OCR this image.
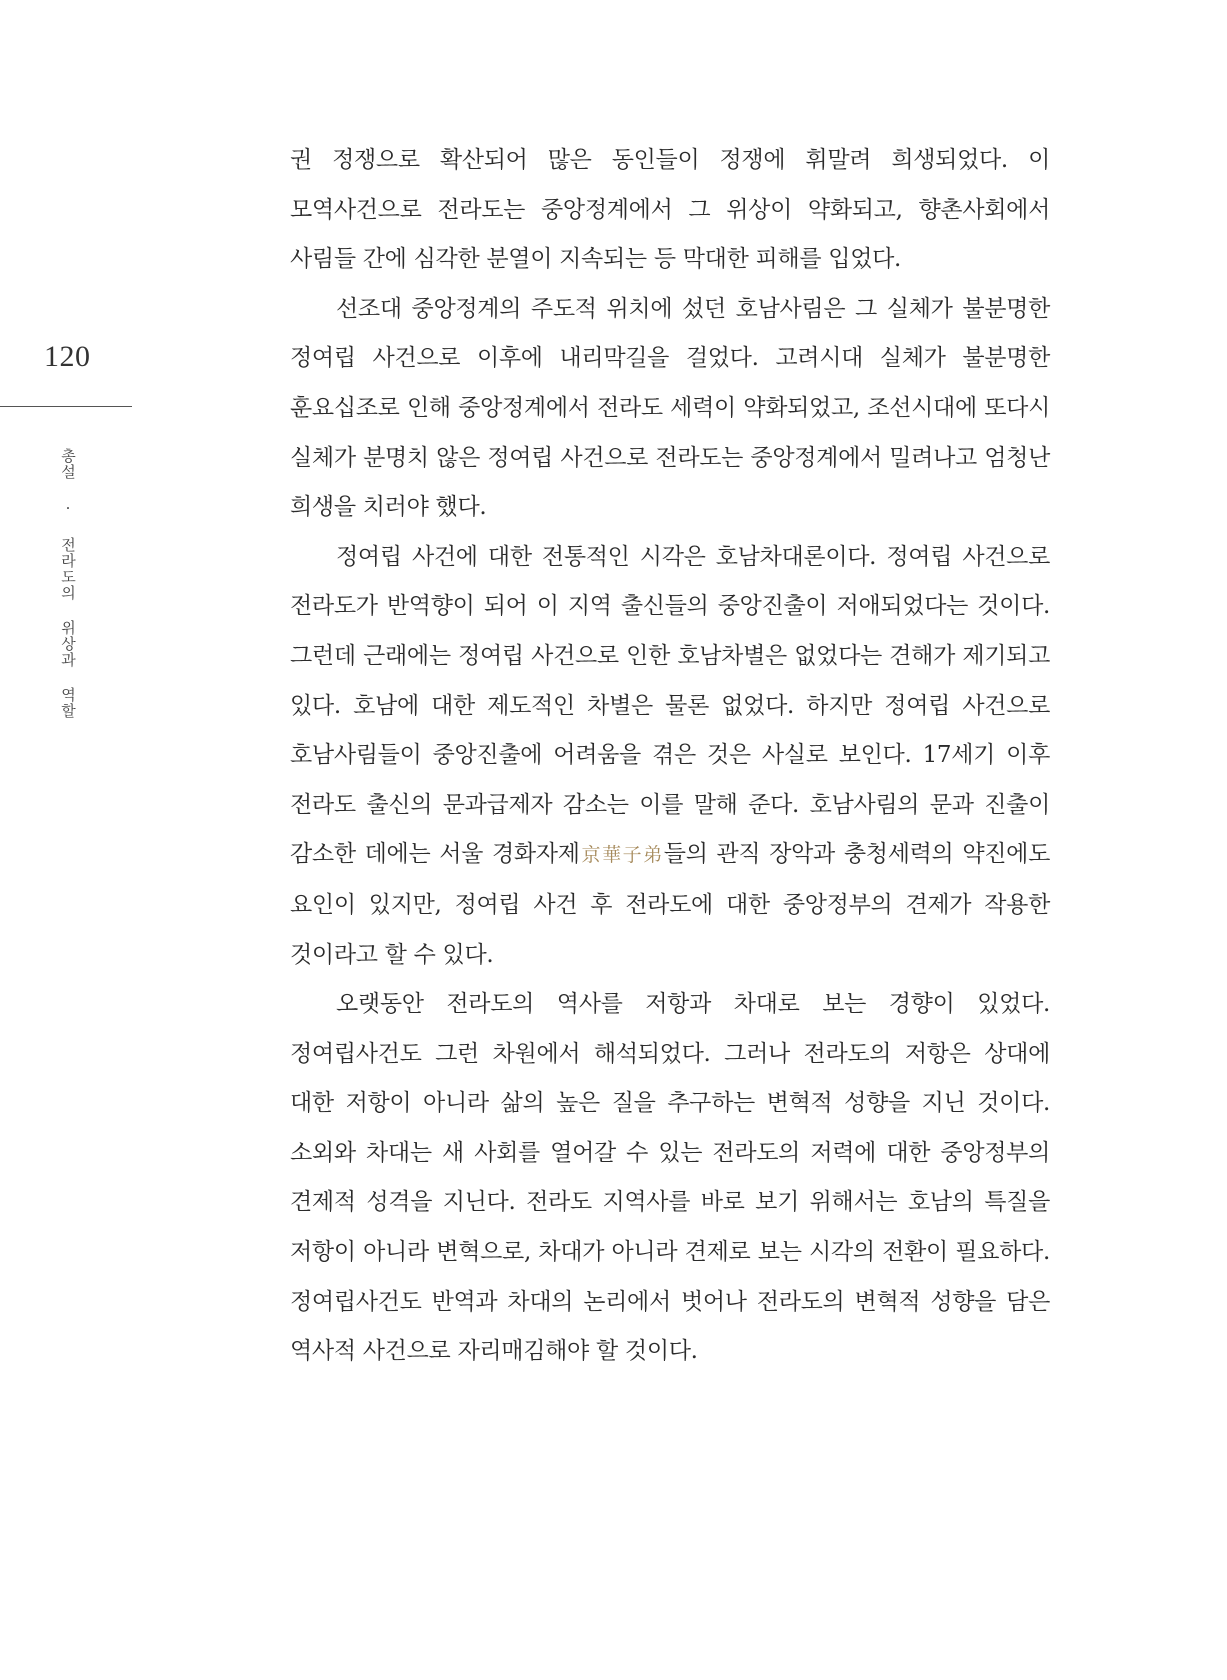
120
총설 · 전라도의 위상과 역할

권 정쟁으로 확산되어 많은 동인들이 정쟁에 휘말려 희생되었다. 이 모역사건으로 전라도는 중앙정계에서 그 위상이 약화되고, 향촌사회에서 사림들 간에 심각한 분열이 지속되는 등 막대한 피해를 입었다.

선조대 중앙정계의 주도적 위치에 섰던 호남사림은 그 실체가 불분명한 정여립 사건으로 이후에 내리막길을 걸었다. 고려시대 실체가 불분명한 훈요십조로 인해 중앙정계에서 전라도 세력이 약화되었고, 조선시대에 또다시 실체가 분명치 않은 정여립 사건으로 전라도는 중앙정계에서 밀려나고 엄청난 희생을 치러야 했다.

정여립 사건에 대한 전통적인 시각은 호남차대론이다. 정여립 사건으로 전라도가 반역향이 되어 이 지역 출신들의 중앙진출이 저애되었다는 것이다. 그런데 근래에는 정여립 사건으로 인한 호남차별은 없었다는 견해가 제기되고 있다. 호남에 대한 제도적인 차별은 물론 없었다. 하지만 정여립 사건으로 호남사림들이 중앙진출에 어려움을 겪은 것은 사실로 보인다. 17세기 이후 전라도 출신의 문과급제자 감소는 이를 말해 준다. 호남사림의 문과 진출이 감소한 데에는 서울 경화자제京華子弟들의 관직 장악과 충청세력의 약진에도 요인이 있지만, 정여립 사건 후 전라도에 대한 중앙정부의 견제가 작용한 것이라고 할 수 있다.

오랫동안 전라도의 역사를 저항과 차대로 보는 경향이 있었다. 정여립사건도 그런 차원에서 해석되었다. 그러나 전라도의 저항은 상대에 대한 저항이 아니라 삶의 높은 질을 추구하는 변혁적 성향을 지닌 것이다. 소외와 차대는 새 사회를 열어갈 수 있는 전라도의 저력에 대한 중앙정부의 견제적 성격을 지닌다. 전라도 지역사를 바로 보기 위해서는 호남의 특질을 저항이 아니라 변혁으로, 차대가 아니라 견제로 보는 시각의 전환이 필요하다. 정여립사건도 반역과 차대의 논리에서 벗어나 전라도의 변혁적 성향을 담은 역사적 사건으로 자리매김해야 할 것이다.
